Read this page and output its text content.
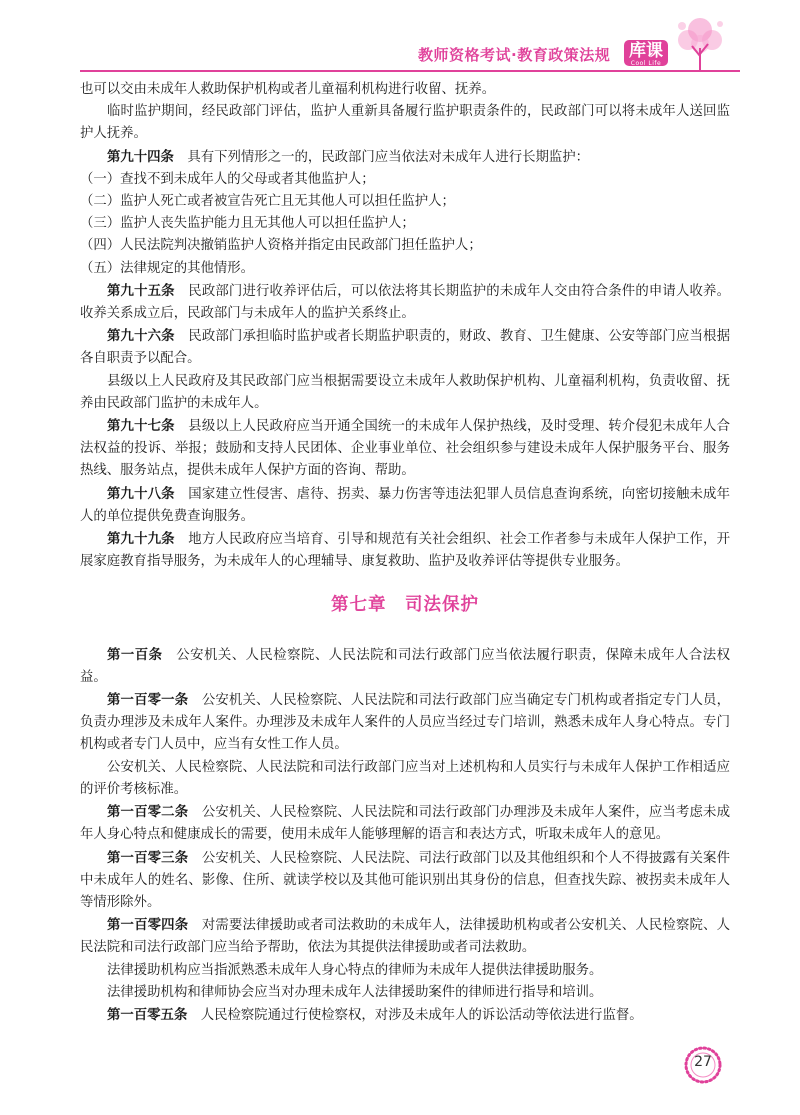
教师资格考试·教育政策法规 库课
Cool Life

也可以交由未成年人救助保护机构或者儿童福利机构进行收留、抚养。

临时监护期间，经民政部门评估，监护人重新具备履行监护职责条件的，民政部门可以将未成年人送回监护人抚养。

第九十四条　具有下列情形之一的，民政部门应当依法对未成年人进行长期监护：

（一）查找不到未成年人的父母或者其他监护人；

（二）监护人死亡或者被宣告死亡且无其他人可以担任监护人；

（三）监护人丧失监护能力且无其他人可以担任监护人；

（四）人民法院判决撤销监护人资格并指定由民政部门担任监护人；

（五）法律规定的其他情形。

第九十五条　民政部门进行收养评估后，可以依法将其长期监护的未成年人交由符合条件的申请人收养。收养关系成立后，民政部门与未成年人的监护关系终止。

第九十六条　民政部门承担临时监护或者长期监护职责的，财政、教育、卫生健康、公安等部门应当根据各自职责予以配合。

县级以上人民政府及其民政部门应当根据需要设立未成年人救助保护机构、儿童福利机构，负责收留、抚养由民政部门监护的未成年人。

第九十七条　县级以上人民政府应当开通全国统一的未成年人保护热线，及时受理、转介侵犯未成年人合法权益的投诉、举报；鼓励和支持人民团体、企业事业单位、社会组织参与建设未成年人保护服务平台、服务热线、服务站点，提供未成年人保护方面的咨询、帮助。

第九十八条　国家建立性侵害、虐待、拐卖、暴力伤害等违法犯罪人员信息查询系统，向密切接触未成年人的单位提供免费查询服务。

第九十九条　地方人民政府应当培育、引导和规范有关社会组织、社会工作者参与未成年人保护工作，开展家庭教育指导服务，为未成年人的心理辅导、康复救助、监护及收养评估等提供专业服务。

第七章　司法保护

第一百条　公安机关、人民检察院、人民法院和司法行政部门应当依法履行职责，保障未成年人合法权益。

第一百零一条　公安机关、人民检察院、人民法院和司法行政部门应当确定专门机构或者指定专门人员，负责办理涉及未成年人案件。办理涉及未成年人案件的人员应当经过专门培训，熟悉未成年人身心特点。专门机构或者专门人员中，应当有女性工作人员。

公安机关、人民检察院、人民法院和司法行政部门应当对上述机构和人员实行与未成年人保护工作相适应的评价考核标准。

第一百零二条　公安机关、人民检察院、人民法院和司法行政部门办理涉及未成年人案件，应当考虑未成年人身心特点和健康成长的需要，使用未成年人能够理解的语言和表达方式，听取未成年人的意见。

第一百零三条　公安机关、人民检察院、人民法院、司法行政部门以及其他组织和个人不得披露有关案件中未成年人的姓名、影像、住所、就读学校以及其他可能识别出其身份的信息，但查找失踪、被拐卖未成年人等情形除外。

第一百零四条　对需要法律援助或者司法救助的未成年人，法律援助机构或者公安机关、人民检察院、人民法院和司法行政部门应当给予帮助，依法为其提供法律援助或者司法救助。

法律援助机构应当指派熟悉未成年人身心特点的律师为未成年人提供法律援助服务。

法律援助机构和律师协会应当对办理未成年人法律援助案件的律师进行指导和培训。

第一百零五条　人民检察院通过行使检察权，对涉及未成年人的诉讼活动等依法进行监督。

27
